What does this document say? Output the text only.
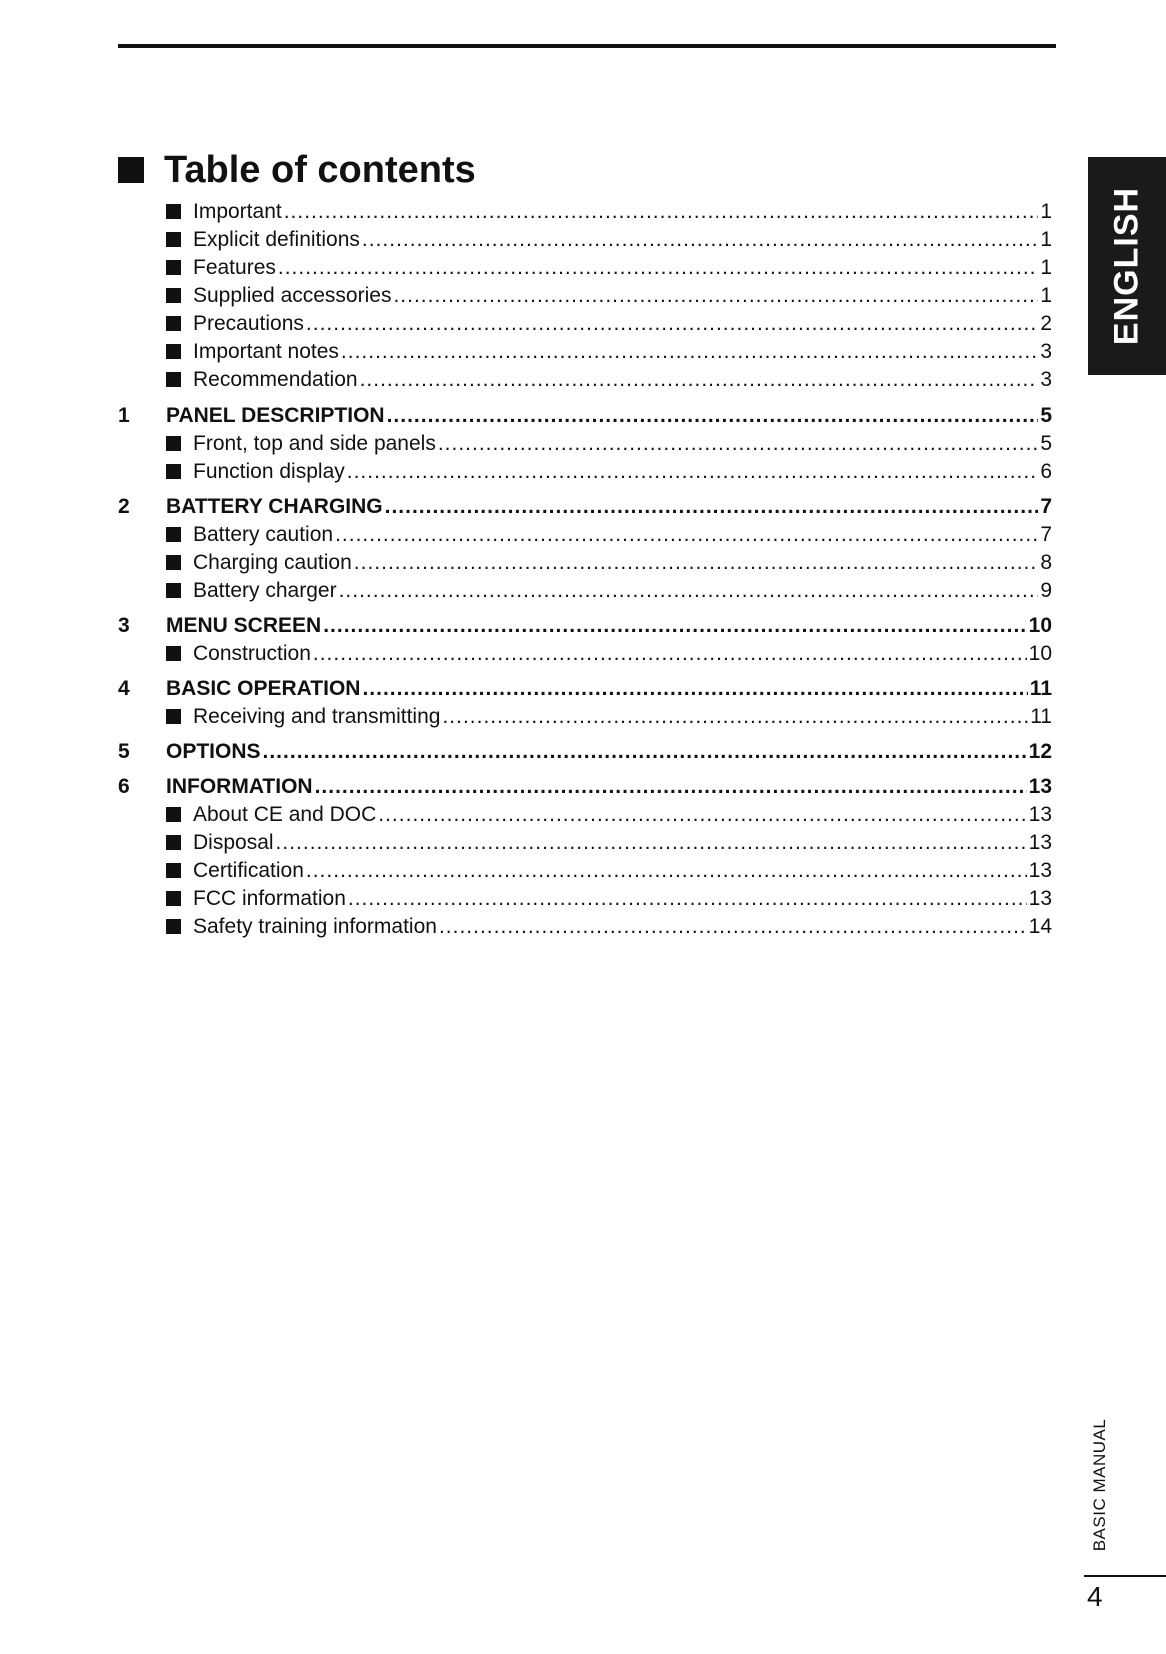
Table of contents
Important .....	1
Explicit definitions .....	1
Features .....	1
Supplied accessories .....	1
Precautions .....	2
Important notes .....	3
Recommendation .....	3
1	PANEL DESCRIPTION .....	5
Front, top and side panels .....	5
Function display .....	6
2	BATTERY CHARGING .....	7
Battery caution .....	7
Charging caution .....	8
Battery charger .....	9
3	MENU SCREEN .....	10
Construction .....	10
4	BASIC OPERATION .....	11
Receiving and transmitting .....	11
5	OPTIONS .....	12
6	INFORMATION .....	13
About CE and DOC .....	13
Disposal .....	13
Certification .....	13
FCC information .....	13
Safety training information .....	14
ENGLISH
BASIC MANUAL
4
